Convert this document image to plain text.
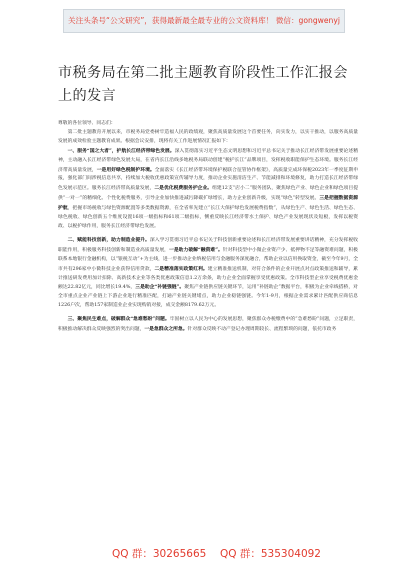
关注头条号“公文研究”，获得最新最全最专业的公文资料库！ 微信：gongwenyj
市税务局在第二批主题教育阶段性工作汇报会上的发言

尊敬的各位领导、同志们：

第二批主题教育开展以来，市税务局党委树牢造福人民的政绩观，聚焦高质量发展这个首要任务，向实发力，以实干推动，以服务高质量发展的成效检验主题教育成果。根据会议安排，现将有关工作进展情况汇报如下：

一、服务“国之大者”，护航长江经济带绿色发展。深入贯彻落实习近平生态文明思想和习近平总书记关于推动长江经济带发展重要论述精神，主动融入长江经济带绿色发展大局，在省内长江沿线多地税务局联动创建“税护长江”品牌项目，发挥税收职能保护生态环境。服务长江经济带高质量发展，一是用好绿色税制护环境。全面落实《长江经济带环境保护税联合征管协作框架》，高质量完成环保税2023年一季度征期申报，强化部门间涉税信息共享，持续加大税收优惠政策宣传辅导力度，推动企业实施清洁生产、节能减排和环境修复，助力打造长江经济带绿色发展示范区。服务长江经济带高质量发展，二是优化税费服务护企业。组建12支“店小二”服务团队，聚焦绿色产业、绿色企业和绿色项目提供“一对一”的精细化、个性化税费服务，引导企业加快推进减污降碳扩绿增长，助力企业创新升级，实现“绿色”转型发展。三是把握数据资源护航，把握市场税收与绿色资源配置等多类数据资源，在全省率先建立“长江大保护绿色发展税费指数”，从绿色生产、绿色生活、绿色生态、绿色税收、绿色创新五个维度设置16项一级指标和61项二级指标，侧重反映长江经济带水土保护、绿色产业发展现状及短板，发挥以税资政、以税护绿作用，服务长江经济带绿色发展。

二、赋能科技创新，助力制造业提升。深入学习贯彻习近平总书记关于科技创新重要论述和长江经济带发展重要讲话精神，充分发挥税收职能作用，积极服务科技创新和制造业高质量发展，一是助力破解“融资难”。针对科技型中小微企业资产少、抵押物不足等融资难问题，积极联系本地银行金融机构，以“银税互动”+为主线，进一步推动企业纳税信用与金融服务深度融合，帮助企业以信用换取资金，截至今年9月，全市共有296家中小微科技企业获得信用贷款，二是精准落实政策红利。建立精准推送机制，对符合条件的企业开展点对点政策推送和辅导，累计推送研发费用加计扣除、高新技术企业等各类优惠政策信息1.2万余条，助力企业全面掌握享受优惠政策。全市科技型企业享受税费优惠金额达22.82亿元，同比增长19.4%，三是助企“补链强链”。聚焦产业链供应链关键环节，运用“补链助企”数据平台，积极为企业牵线搭桥，对全市重点企业产业链上下游企业进行精准匹配，打通产业链关键堵点，助力企业稳链强链。今年1-9月，根据企业需求累计匹配供应商信息1226户次，帮助157家制造业企业实现购销对接，成交金额8179.62万元。

三、聚焦民生难点，破解群众“急难愁盼”问题。牢固树立以人民为中心的发展思想，聚焦群众办税缴费中的“急难愁盼”问题，立足职责，积极推动解决群众反映强烈的突出问题，一是急群众之所急。针对群众反映不动产登记办理周期较长、流程繁琐的问题，依托市政务

QQ 群：30265665 QQ 群：535304092
